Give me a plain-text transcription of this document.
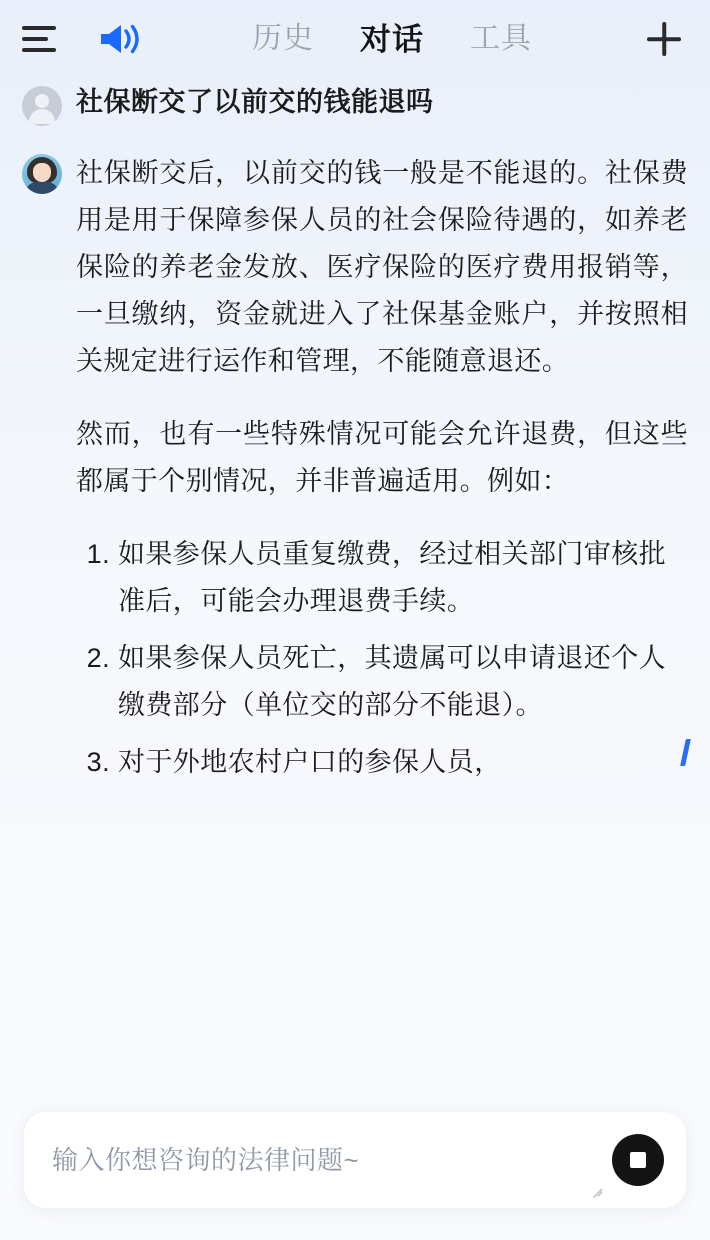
历史 对话 工具
社保断交了以前交的钱能退吗

社保断交后，以前交的钱一般是不能退的。社保费用是用于保障参保人员的社会保险待遇的，如养老保险的养老金发放、医疗保险的医疗费用报销等，一旦缴纳，资金就进入了社保基金账户，并按照相关规定进行运作和管理，不能随意退还。

然而，也有一些特殊情况可能会允许退费，但这些都属于个别情况，并非普遍适用。例如：

1. 如果参保人员重复缴费，经过相关部门审核批准后，可能会办理退费手续。
2. 如果参保人员死亡，其遗属可以申请退还个人缴费部分（单位交的部分不能退）。
3. 对于外地农村户口的参保人员，
输入你想咨询的法律问题~
